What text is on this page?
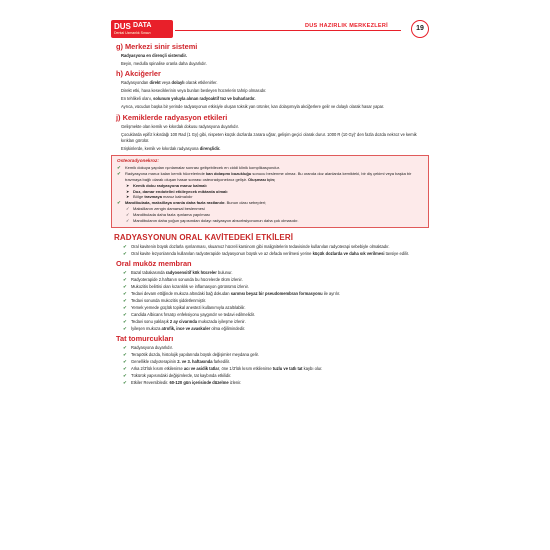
DUS DATA
Dental Uzmanlık Sınavı
DUS HAZIRLIK MERKEZLERİ	19
g) Merkezi sinir sistemi
Radyasyona en dirençli sistemdir.
Beyin, medulla spinalise oranla daha duyarlıdır.
h) Akciğerler
Radyasyondan direkt veya dolaylı olarak etkilenirler.
Direkt etki, hava keseciklerinin veya bunları besleyen hücrelerin tahrip olmasıdır.
En tehlikeli olanı, solunum yoluyla alınan radyoaktif toz ve buharlardır.
Ayrıca, vücudun başka bir yerinde radyasyonun etkisiyle oluşan toksik yan ürünler, kan dolaşımıyla akciğerlere gelir ve dolaylı olarak hasar yapar.
j) Kemiklerde radyasyon etkileri
Gelişmekte olan kemik ve kıkırdak dokusu radyasyona duyarlıdır.
Çocuklarda epifiz kıkırdağı 100 Rad (1 Gy) gibi, nispeten küçük dozlarda zarara uğrar, gelişim geçici olarak durur. 1000 R (10 Gy)' den fazla dozda nekroz ve kemik kırıkları görülür.
Erişkinlerde, kemik ve kıkırdak radyasyona dirençlidir.
Osteoradyonekroz:
✔ Kemik dokuya yapılan ışınlamalar sonrası gelişebilecek en ciddi klinik komplikasyondur.
✔ Radyasyona maruz kalan kemik hücrelerinde kan dolaşımı bozukluğu sonucu beslenme olmaz. Bu oranda doz alanlarda kemikteki, bir diş çekimi veya başka bir travmaya bağlı olarak oluşan hasar sonrası osteoradyonekroz gelişir. Oluşması için;
➤ Kemik doku radyasyona maruz kalmalı
➤ Doz, damar endotelini etkileyecek miktarda olmalı
➤ Bölge travmaya maruz kalmalıdır
✔ Mandibulada, maksillaya oranla daha fazla rastlanılır. Bunun olası sebepleri;
✓ Maksillanın zengin damarsal beslenmesi
✓ Mandibulada daha fazla ışınlama yapılması
✓ Mandibulanın daha yoğun yapısından dolayı radyasyon absorbsiyonunun daha çok olmasıdır.
RADYASYONUN ORAL KAVİTEDEKİ ETKİLERİ
✔ Oral kavitenin büyük dozlarla ışınlanması, skuamoz hücreli karsinom gibi malignitelerin tedavisinde kullanılan radyoterapi sebebiyle olmaktadır.
✔ Oral kavite lezyonlarında kullanılan radyoterapide radyasyonun büyük ve az defada verilmesi yerine küçük dozlarda ve daha sık verilmesi tavsiye edilir.
Oral muköz membran
✔ Bazal tabakasında radyosensitif kök hücreler bulunur.
✔ Radyoterapide 2.haftanın sonunda bu hücrelerde ölüm izlenir.
✔ Mukozitis belirtisi olan kızarıklık ve inflamasyon görünümü izlenir.
✔ Tedavi devam ettiğinde mukoza altındaki bağ dokudan sarımsı beyaz bir pseudomembran formasyonu ile ayrılır.
✔ Tedavi sonunda mukozitis şiddetlenmiştir.
✔ Yemek yemede güçlük topikal anestezi kullanımıyla azaltılabilir.
✔ Candida Albicans fırsatçı enfeksiyonu yaygındır ve tedavi edilmelidir.
✔ Tedavi sonu yaklaşık 2 ay civarında mukozada iyileşme izlenir.
✔ İyileşen mukoza atrofik, ince ve avaskuler olma eğilimindedir.
Tat tomurcukları
✔ Radyasyona duyarlıdır.
✔ Terapötik dozda, histolojik yapılarında büyük değişimler meydana gelir.
✔ Genellikle radyoterapinin 2. ve 3. haftasında farkedilir.
✔ Arka 2/3'lük kısım etkilenirse acı ve asidik tatlar, öne 1/3'lük kısım etkilenirse tuzlu ve tatlı tat kaybı olur.
✔ Tükürük yapısındaki değişimlerde, tat kaybında etkilidir.
✔ Etkiler Reversibledir. 60-120 gün içerisinde düzelme izlenir.
